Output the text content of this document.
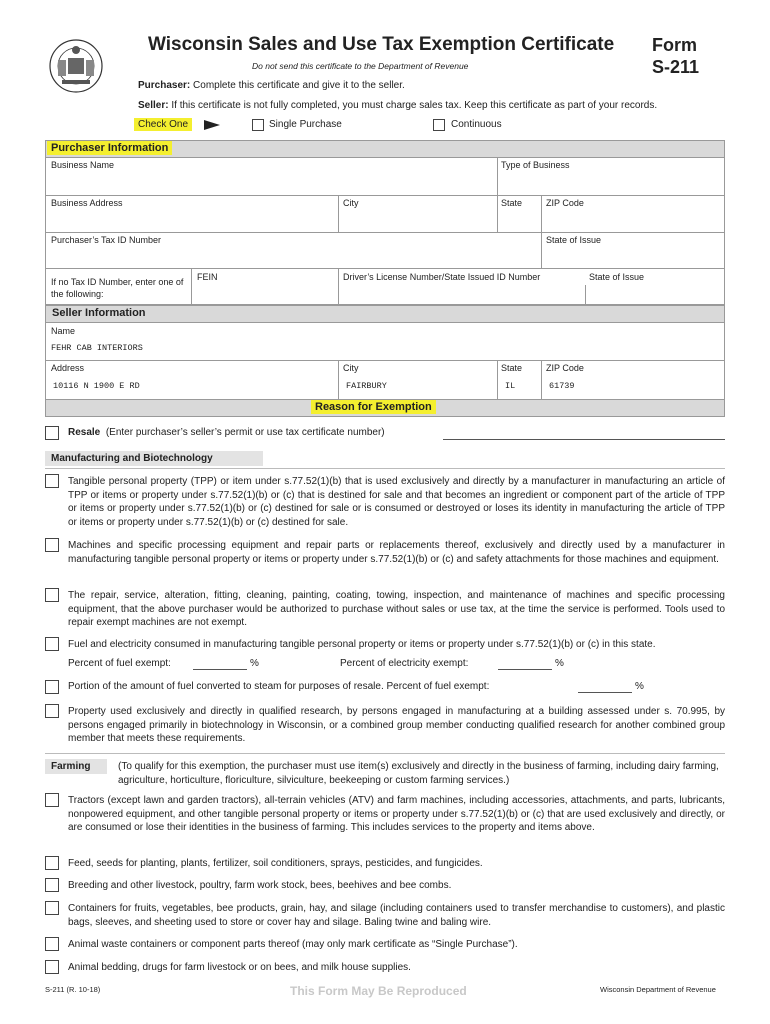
Wisconsin Sales and Use Tax Exemption Certificate
Do not send this certificate to the Department of Revenue
Form
S-211
Purchaser: Complete this certificate and give it to the seller.
Seller: If this certificate is not fully completed, you must charge sales tax. Keep this certificate as part of your records.
Check One	Single Purchase	Continuous
Purchaser Information
Business Name	Type of Business
Business Address	City	State	ZIP Code
Purchaser’s Tax ID Number	State of Issue
If no Tax ID Number, enter one of the following:
FEIN	Driver’s License Number/State Issued ID Number	State of Issue
Seller Information
Name
FEHR CAB INTERIORS
Address
10116 N 1900 E RD
City
FAIRBURY
State
IL
ZIP Code
61739
Reason for Exemption
Resale (Enter purchaser’s seller’s permit or use tax certificate number)
Manufacturing and Biotechnology
Tangible personal property (TPP) or item under s.77.52(1)(b) that is used exclusively and directly by a manufacturer in manufacturing an article of TPP or items or property under s.77.52(1)(b) or (c) that is destined for sale and that becomes an ingredient or component part of the article of TPP or items or property under s.77.52(1)(b) or (c) destined for sale or is consumed or destroyed or loses its identity in manufacturing the article of TPP or items or property under s.77.52(1)(b) or (c) destined for sale.
Machines and specific processing equipment and repair parts or replacements thereof, exclusively and directly used by a manufacturer in manufacturing tangible personal property or items or property under s.77.52(1)(b) or (c) and safety attachments for those machines and equipment.
The repair, service, alteration, fitting, cleaning, painting, coating, towing, inspection, and maintenance of machines and specific processing equipment, that the above purchaser would be authorized to purchase without sales or use tax, at the time the service is performed. Tools used to repair exempt machines are not exempt.
Fuel and electricity consumed in manufacturing tangible personal property or items or property under s.77.52(1)(b) or (c) in this state.
Percent of fuel exempt:	%	Percent of electricity exempt:	%
Portion of the amount of fuel converted to steam for purposes of resale. Percent of fuel exempt:	%
Property used exclusively and directly in qualified research, by persons engaged in manufacturing at a building assessed under s. 70.995, by persons engaged primarily in biotechnology in Wisconsin, or a combined group member conducting qualified research for another combined group member that meets these requirements.
Farming	(To qualify for this exemption, the purchaser must use item(s) exclusively and directly in the business of farming, including dairy farming, agriculture, horticulture, floriculture, silviculture, beekeeping or custom farming services.)
Tractors (except lawn and garden tractors), all-terrain vehicles (ATV) and farm machines, including accessories, attachments, and parts, lubricants, nonpowered equipment, and other tangible personal property or items or property under s.77.52(1)(b) or (c) that are used exclusively and directly, or are consumed or lose their identities in the business of farming. This includes services to the property and items above.
Feed, seeds for planting, plants, fertilizer, soil conditioners, sprays, pesticides, and fungicides.
Breeding and other livestock, poultry, farm work stock, bees, beehives and bee combs.
Containers for fruits, vegetables, bee products, grain, hay, and silage (including containers used to transfer merchandise to customers), and plastic bags, sleeves, and sheeting used to store or cover hay and silage. Baling twine and baling wire.
Animal waste containers or component parts thereof (may only mark certificate as “Single Purchase”).
Animal bedding, drugs for farm livestock or on bees, and milk house supplies.
S-211 (R. 10-18)	This Form May Be Reproduced	Wisconsin Department of Revenue
